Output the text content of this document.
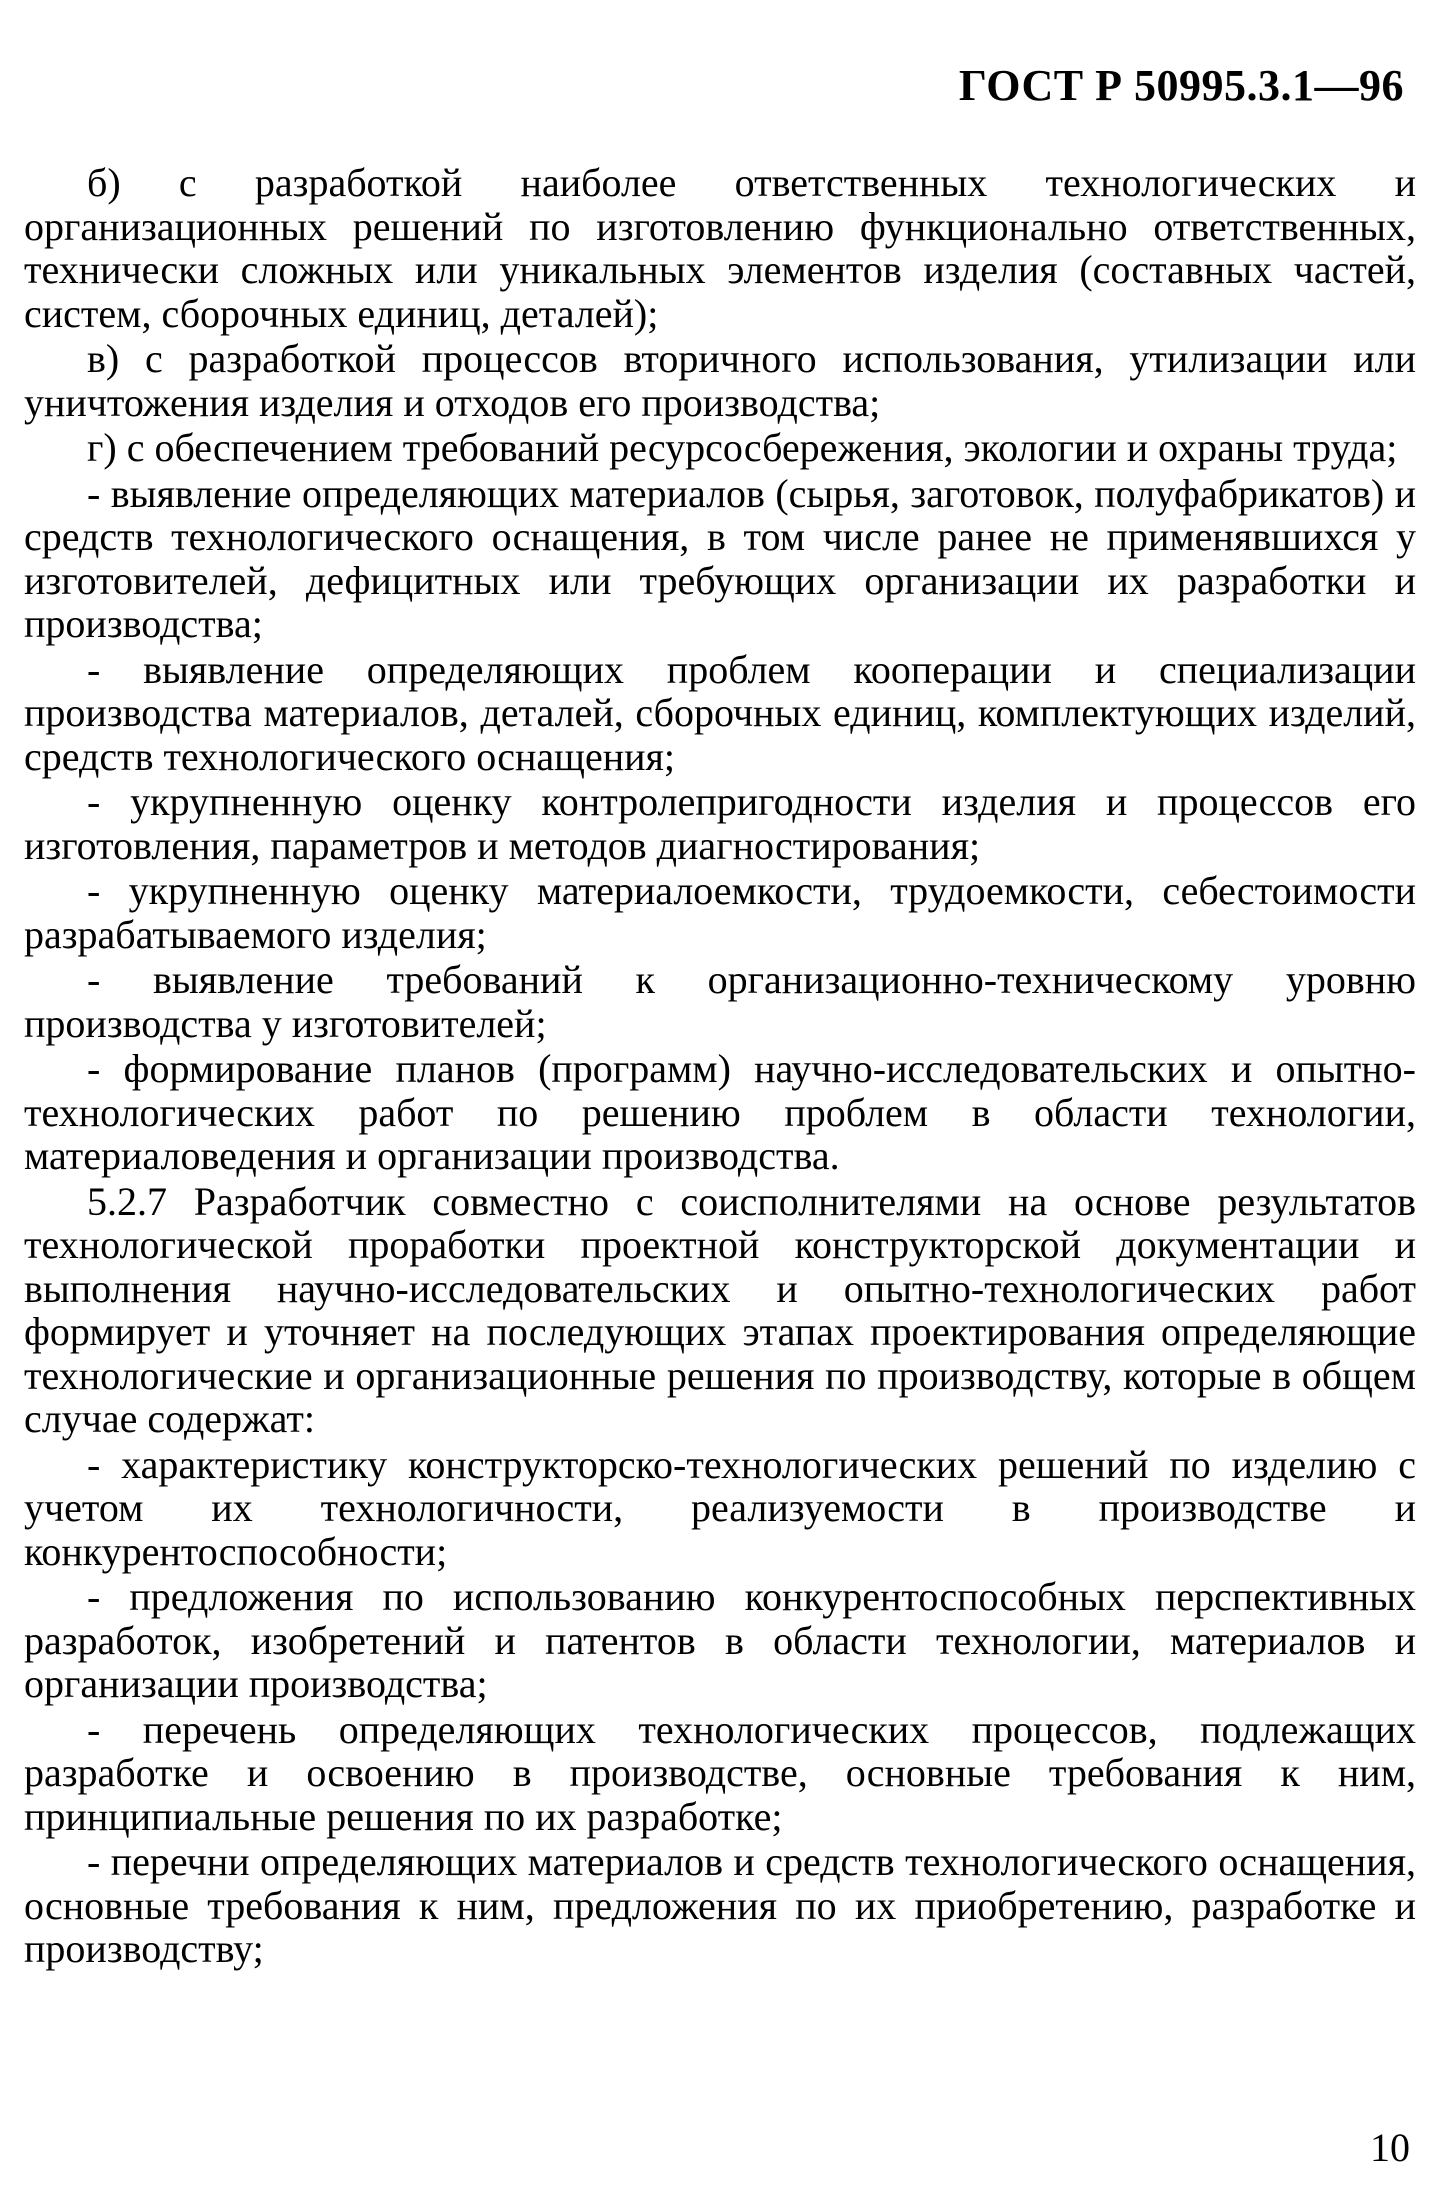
ГОСТ Р 50995.3.1—96

б) с разработкой наиболее ответственных технологических и организационных решений по изготовлению функционально ответственных, технически сложных или уникальных элементов изделия (составных частей, систем, сборочных единиц, деталей);

в) с разработкой процессов вторичного использования, утилизации или уничтожения изделия и отходов его производства;

г) с обеспечением требований ресурсосбережения, экологии и охраны труда;

- выявление определяющих материалов (сырья, заготовок, полуфабрикатов) и средств технологического оснащения, в том числе ранее не применявшихся у изготовителей, дефицитных или требующих организации их разработки и производства;

- выявление определяющих проблем кооперации и специализации производства материалов, деталей, сборочных единиц, комплектующих изделий, средств технологического оснащения;

- укрупненную оценку контролепригодности изделия и процессов его изготовления, параметров и методов диагностирования;

- укрупненную оценку материалоемкости, трудоемкости, себестоимости разрабатываемого изделия;

- выявление требований к организационно-техническому уровню производства у изготовителей;

- формирование планов (программ) научно-исследовательских и опытно-технологических работ по решению проблем в области технологии, материаловедения и организации производства.

5.2.7 Разработчик совместно с соисполнителями на основе результатов технологической проработки проектной конструкторской документации и выполнения научно-исследовательских и опытно-технологических работ формирует и уточняет на последующих этапах проектирования определяющие технологические и организационные решения по производству, которые в общем случае содержат:

- характеристику конструкторско-технологических решений по изделию с учетом их технологичности, реализуемости в производстве и конкурентоспособности;

- предложения по использованию конкурентоспособных перспективных разработок, изобретений и патентов в области технологии, материалов и организации производства;

- перечень определяющих технологических процессов, подлежащих разработке и освоению в производстве, основные требования к ним, принципиальные решения по их разработке;

- перечни определяющих материалов и средств технологического оснащения, основные требования к ним, предложения по их приобретению, разработке и производству;

10
